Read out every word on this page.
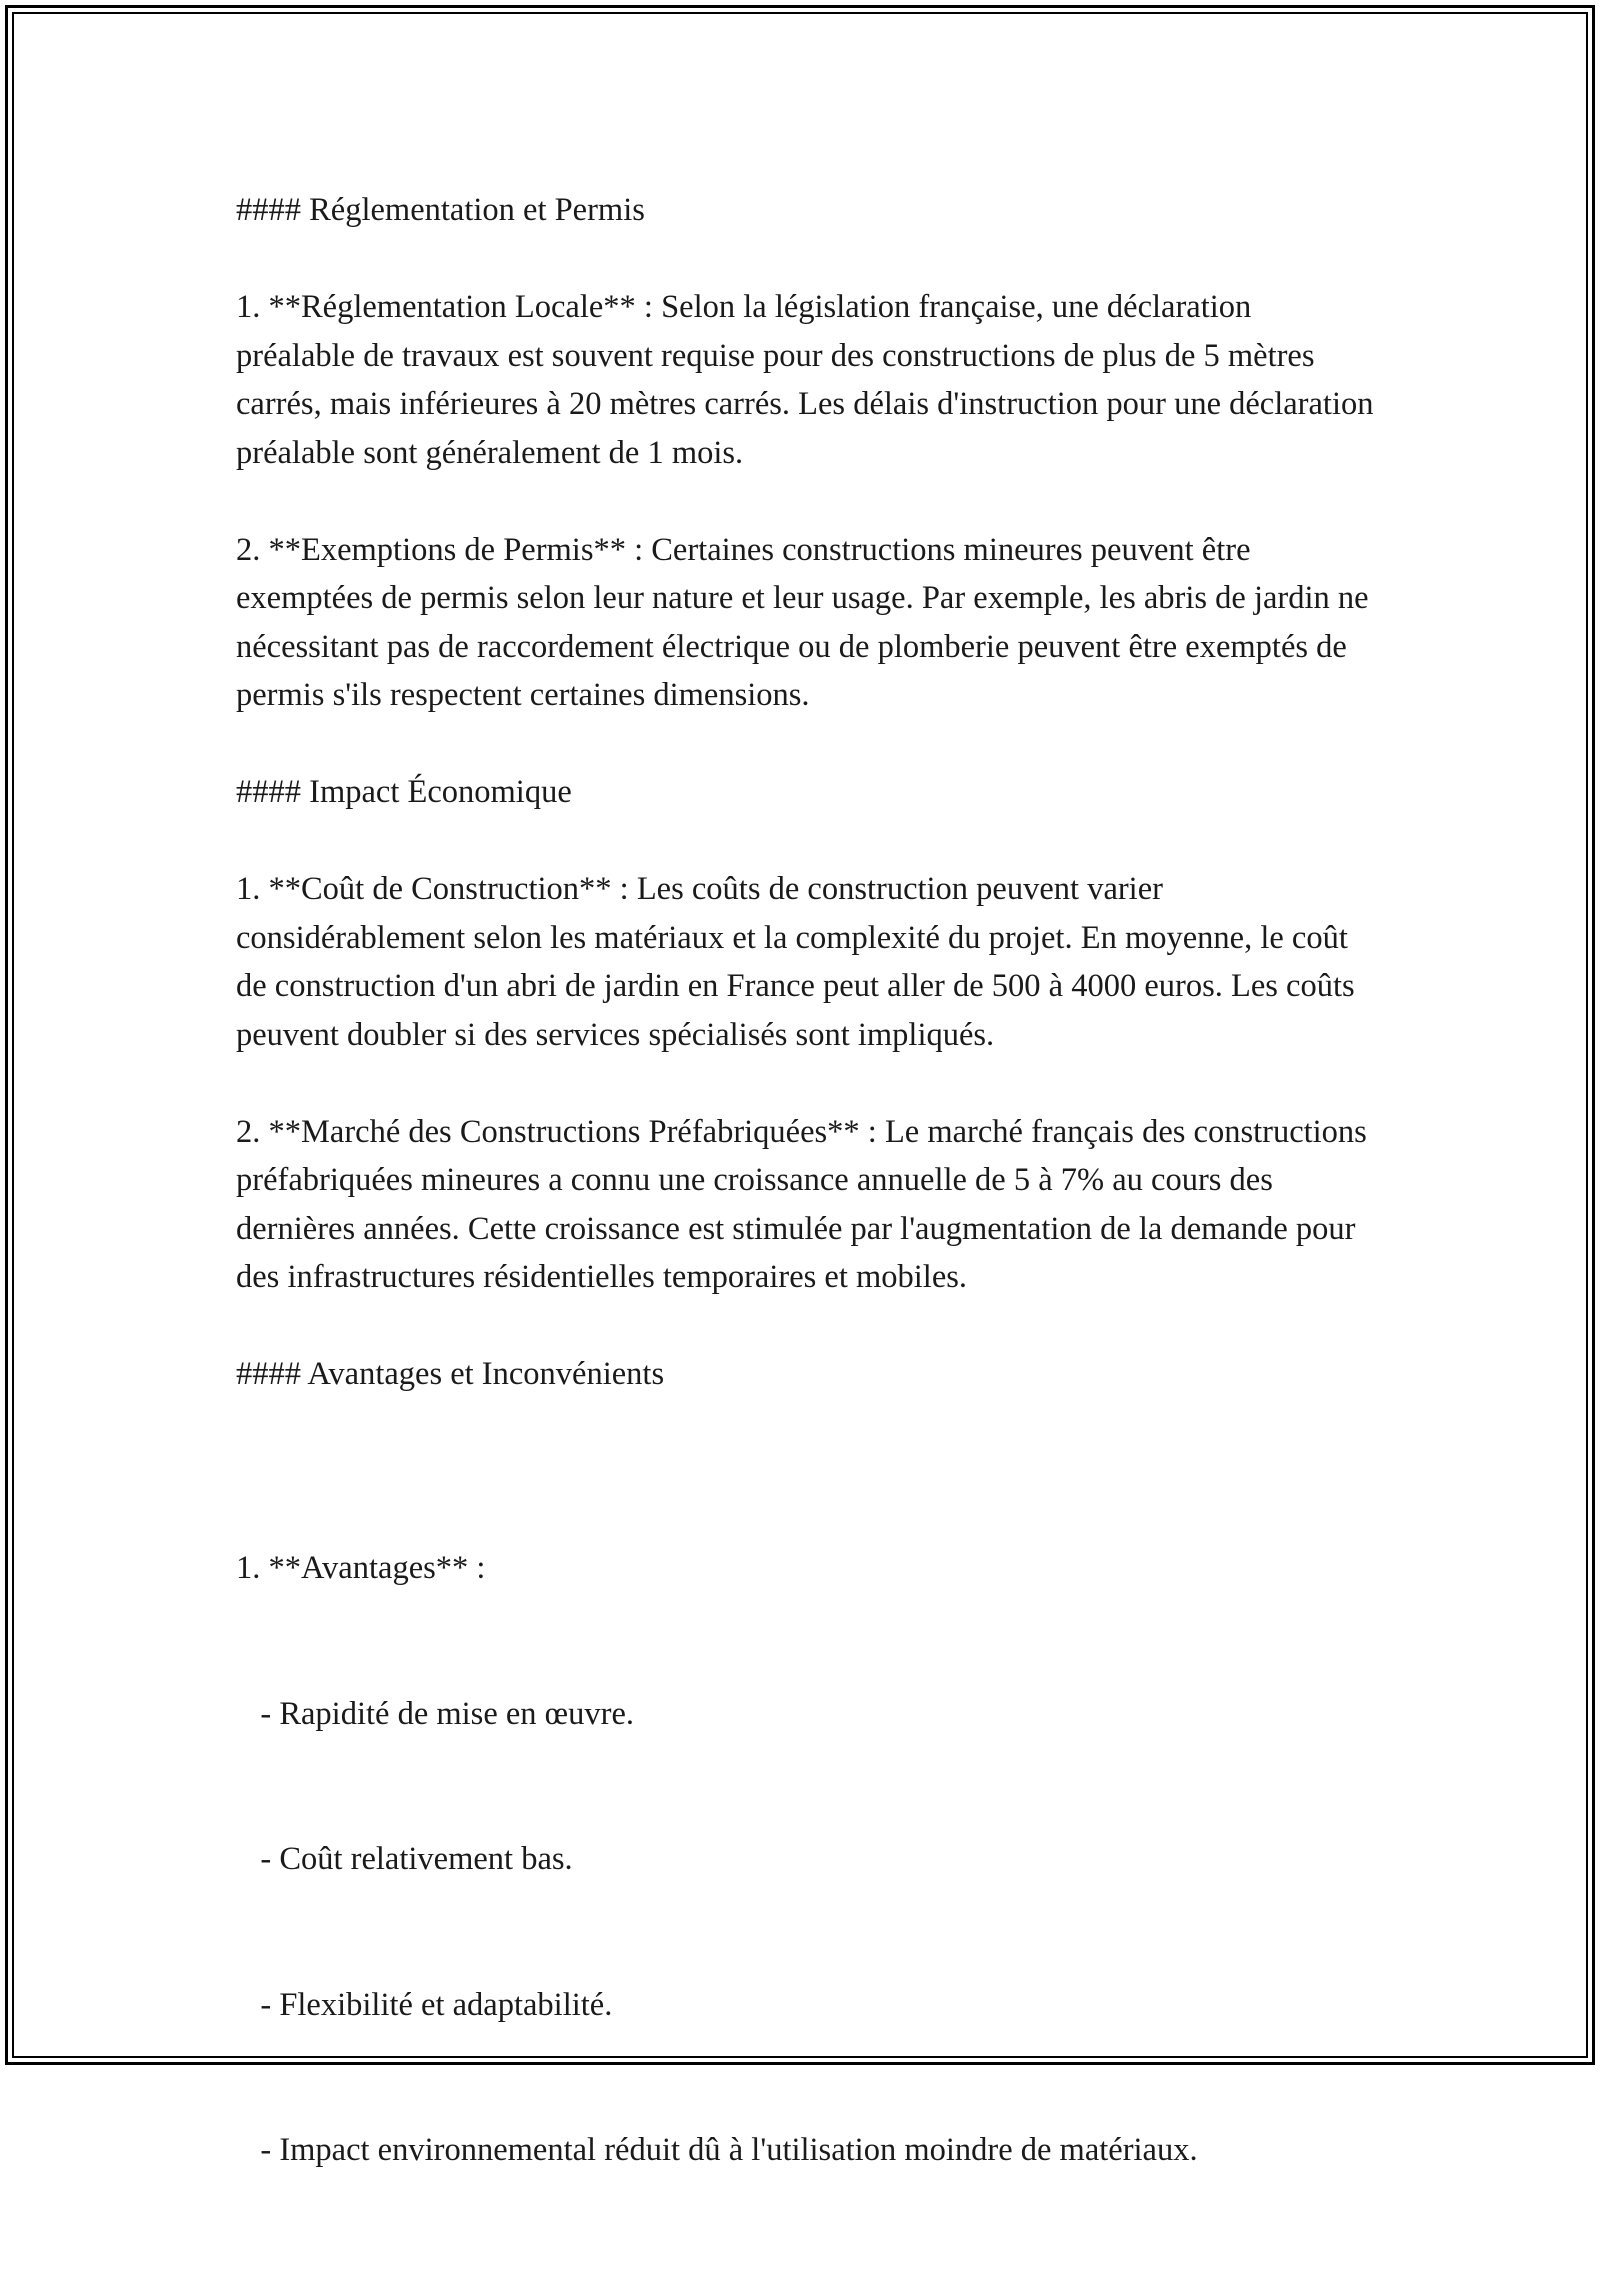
#### Réglementation et Permis
1. **Réglementation Locale** : Selon la législation française, une déclaration préalable de travaux est souvent requise pour des constructions de plus de 5 mètres carrés, mais inférieures à 20 mètres carrés. Les délais d'instruction pour une déclaration préalable sont généralement de 1 mois.
2. **Exemptions de Permis** : Certaines constructions mineures peuvent être exemptées de permis selon leur nature et leur usage. Par exemple, les abris de jardin ne nécessitant pas de raccordement électrique ou de plomberie peuvent être exemptés de permis s'ils respectent certaines dimensions.
#### Impact Économique
1. **Coût de Construction** : Les coûts de construction peuvent varier considérablement selon les matériaux et la complexité du projet. En moyenne, le coût de construction d'un abri de jardin en France peut aller de 500 à 4000 euros. Les coûts peuvent doubler si des services spécialisés sont impliqués.
2. **Marché des Constructions Préfabriquées** : Le marché français des constructions préfabriquées mineures a connu une croissance annuelle de 5 à 7% au cours des dernières années. Cette croissance est stimulée par l'augmentation de la demande pour des infrastructures résidentielles temporaires et mobiles.
#### Avantages et Inconvénients

1. **Avantages** :

- Rapidité de mise en œuvre.

- Coût relativement bas.

- Flexibilité et adaptabilité.

- Impact environnemental réduit dû à l'utilisation moindre de matériaux.
